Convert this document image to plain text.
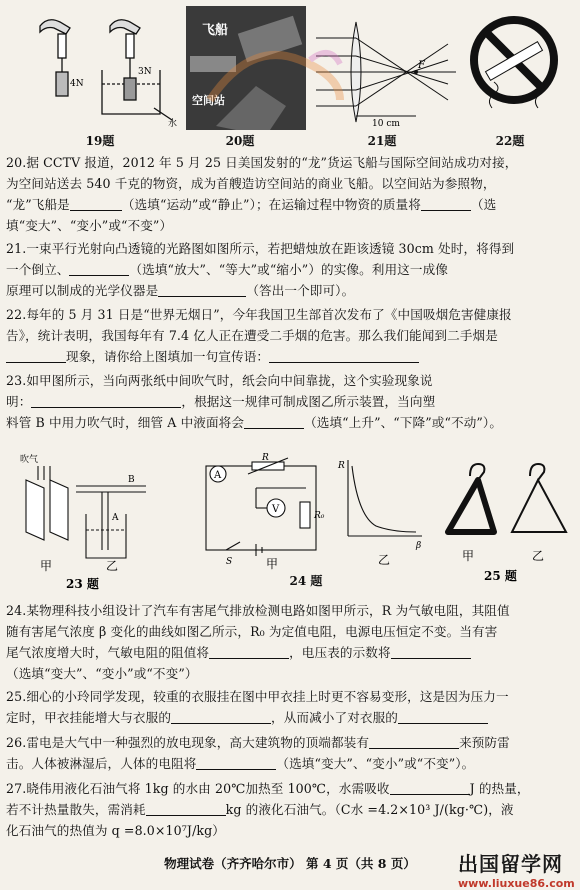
4N
3N
水
飞船
空间站
F
10 cm
19题	20题	21题	22题

20.据 CCTV 报道，2012 年 5 月 25 日美国发射的“龙”货运飞船与国际空间站成功对接，

为空间站送去 540 千克的物资，成为首艘造访空间站的商业飞船。以空间站为参照物，

“龙”飞船是	（选填“运动”或“静止”）；在运输过程中物资的质量将	（选

填“变大”、“变小”或“不变”）

21.一束平行光射向凸透镜的光路图如图所示，若把蜡烛放在距该透镜 30cm 处时，将得到

一个倒立、	（选填“放大”、“等大”或“缩小”）的实像。利用这一成像

原理可以制成的光学仪器是	（答出一个即可）。

22.每年的 5 月 31 日是“世界无烟日”，今年我国卫生部首次发布了《中国吸烟危害健康报

告》，统计表明，我国每年有 7.4 亿人正在遭受二手烟的危害。那么我们能闻到二手烟是

现象，请你给上图填加一句宣传语：

23.如甲图所示，当向两张纸中间吹气时，纸会向中间靠拢，这个实验现象说

明：	，根据这一规律可制成图乙所示装置，当向塑

料管 B 中用力吹气时，细管 A 中液面将会	（选填“上升”、“下降”或“不动”）。

吹气
B
A
甲	乙
23 题
A
V
R
R₀
S	甲
24 题
R
β
乙	甲	乙
25 题

24.某物理科技小组设计了汽车有害尾气排放检测电路如图甲所示，R 为气敏电阻，其阻值

随有害尾气浓度 β 变化的曲线如图乙所示，R₀ 为定值电阻，电源电压恒定不变。当有害

尾气浓度增大时，气敏电阻的阻值将	，电压表的示数将

（选填“变大”、“变小”或“不变”）

25.细心的小玲同学发现，较重的衣服挂在图中甲衣挂上时更不容易变形，这是因为压力一

定时，甲衣挂能增大与衣服的	，从而减小了对衣服的

26.雷电是大气中一种强烈的放电现象，高大建筑物的顶端都装有	来预防雷

击。人体被淋湿后，人体的电阻将	（选填“变大”、“变小”或“不变”）。

27.晓伟用液化石油气将 1kg 的水由 20℃加热至 100℃，水需吸收	J 的热量，

若不计热量散失，需消耗	kg 的液化石油气。（C水 =4.2×10³ J/(kg·℃)，液

化石油气的热值为 q =8.0×10⁷J/kg）

物理试卷（齐齐哈尔市） 第 4 页（共 8 页）	出国留学网
www.liuxue86.com
